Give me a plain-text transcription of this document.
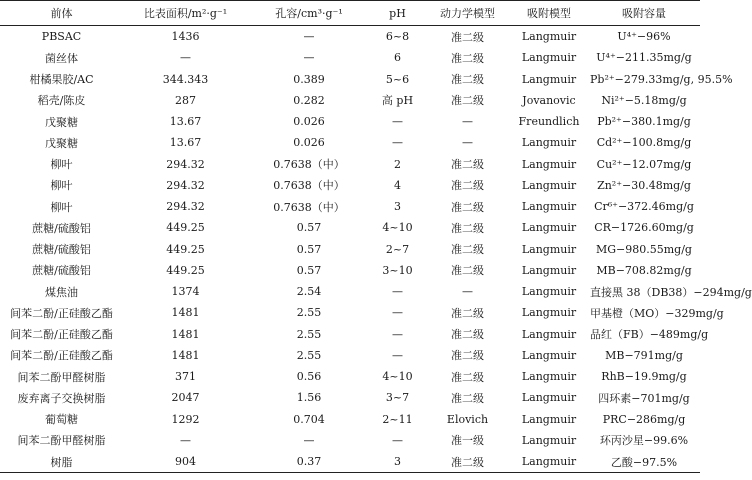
前体	比表面积/m²·g⁻¹	孔容/cm³·g⁻¹	pH	动力学模型	吸附模型	吸附容量
PBSAC	1436	—	6~8	准二级	Langmuir	U⁴⁺−96%
菌丝体	—	—	6	准二级	Langmuir	U⁴⁺−211.35mg/g
柑橘果胶/AC	344.343	0.389	5~6	准二级	Langmuir	Pb²⁺−279.33mg/g, 95.5%
稻壳/陈皮	287	0.282	高 pH	准二级	Jovanovic	Ni²⁺−5.18mg/g
戊聚糖	13.67	0.026	—	—	Freundlich	Pb²⁺−380.1mg/g
戊聚糖	13.67	0.026	—	—	Langmuir	Cd²⁺−100.8mg/g
柳叶	294.32	0.7638（中）	2	准二级	Langmuir	Cu²⁺−12.07mg/g
柳叶	294.32	0.7638（中）	4	准二级	Langmuir	Zn²⁺−30.48mg/g
柳叶	294.32	0.7638（中）	3	准二级	Langmuir	Cr⁶⁺−372.46mg/g
蔗糖/硫酸铝	449.25	0.57	4~10	准二级	Langmuir	CR−1726.60mg/g
蔗糖/硫酸铝	449.25	0.57	2~7	准二级	Langmuir	MG−980.55mg/g
蔗糖/硫酸铝	449.25	0.57	3~10	准二级	Langmuir	MB−708.82mg/g
煤焦油	1374	2.54	—	—	Langmuir	直接黑 38（DB38）−294mg/g
间苯二酚/正硅酸乙酯	1481	2.55	—	准二级	Langmuir	甲基橙（MO）−329mg/g
间苯二酚/正硅酸乙酯	1481	2.55	—	准二级	Langmuir	品红（FB）−489mg/g
间苯二酚/正硅酸乙酯	1481	2.55	—	准二级	Langmuir	MB−791mg/g
间苯二酚甲醛树脂	371	0.56	4~10	准二级	Langmuir	RhB−19.9mg/g
废弃离子交换树脂	2047	1.56	3~7	准二级	Langmuir	四环素−701mg/g
葡萄糖	1292	0.704	2~11	Elovich	Langmuir	PRC−286mg/g
间苯二酚甲醛树脂	—	—	—	准一级	Langmuir	环丙沙星−99.6%
树脂	904	0.37	3	准二级	Langmuir	乙酸−97.5%
